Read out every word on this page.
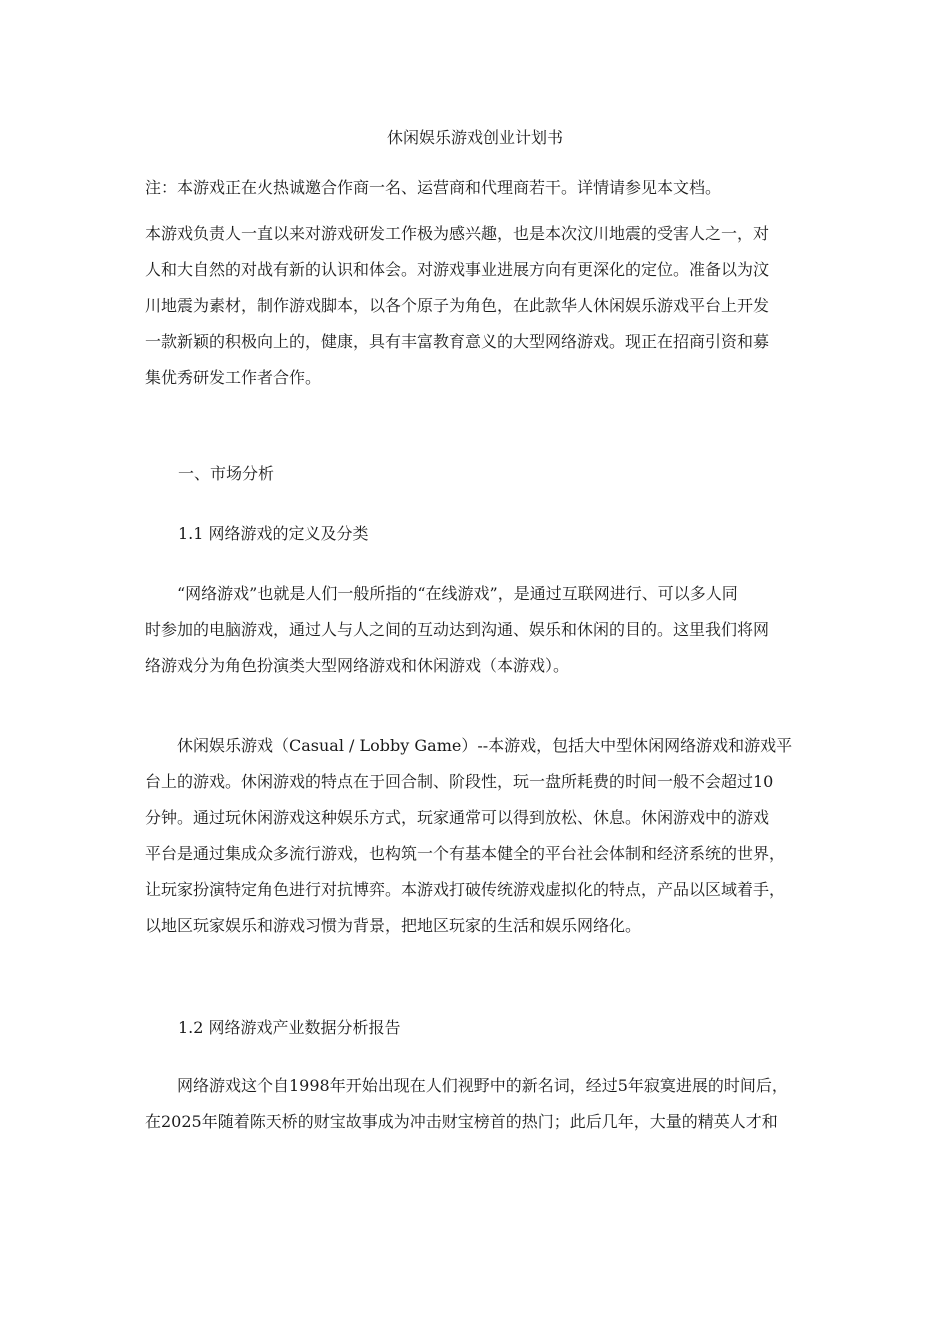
休闲娱乐游戏创业计划书
注：本游戏正在火热诚邀合作商一名、运营商和代理商若干。详情请参见本文档。
本游戏负责人一直以来对游戏研发工作极为感兴趣，也是本次汶川地震的受害人之一，对
人和大自然的对战有新的认识和体会。对游戏事业进展方向有更深化的定位。准备以为汶
川地震为素材，制作游戏脚本，以各个原子为角色，在此款华人休闲娱乐游戏平台上开发
一款新颖的积极向上的，健康，具有丰富教育意义的大型网络游戏。现正在招商引资和募
集优秀研发工作者合作。
一、市场分析
1.1 网络游戏的定义及分类
　　“网络游戏”也就是人们一般所指的“在线游戏”，是通过互联网进行、可以多人同
时参加的电脑游戏，通过人与人之间的互动达到沟通、娱乐和休闲的目的。这里我们将网
络游戏分为角色扮演类大型网络游戏和休闲游戏（本游戏）。
　　休闲娱乐游戏（Casual / Lobby Game）--本游戏，包括大中型休闲网络游戏和游戏平
台上的游戏。休闲游戏的特点在于回合制、阶段性，玩一盘所耗费的时间一般不会超过10
分钟。通过玩休闲游戏这种娱乐方式，玩家通常可以得到放松、休息。休闲游戏中的游戏
平台是通过集成众多流行游戏，也构筑一个有基本健全的平台社会体制和经济系统的世界，
让玩家扮演特定角色进行对抗博弈。本游戏打破传统游戏虚拟化的特点，产品以区域着手，
以地区玩家娱乐和游戏习惯为背景，把地区玩家的生活和娱乐网络化。
1.2 网络游戏产业数据分析报告
　　网络游戏这个自1998年开始出现在人们视野中的新名词，经过5年寂寞进展的时间后，
在2025年随着陈天桥的财宝故事成为冲击财宝榜首的热门；此后几年，大量的精英人才和
